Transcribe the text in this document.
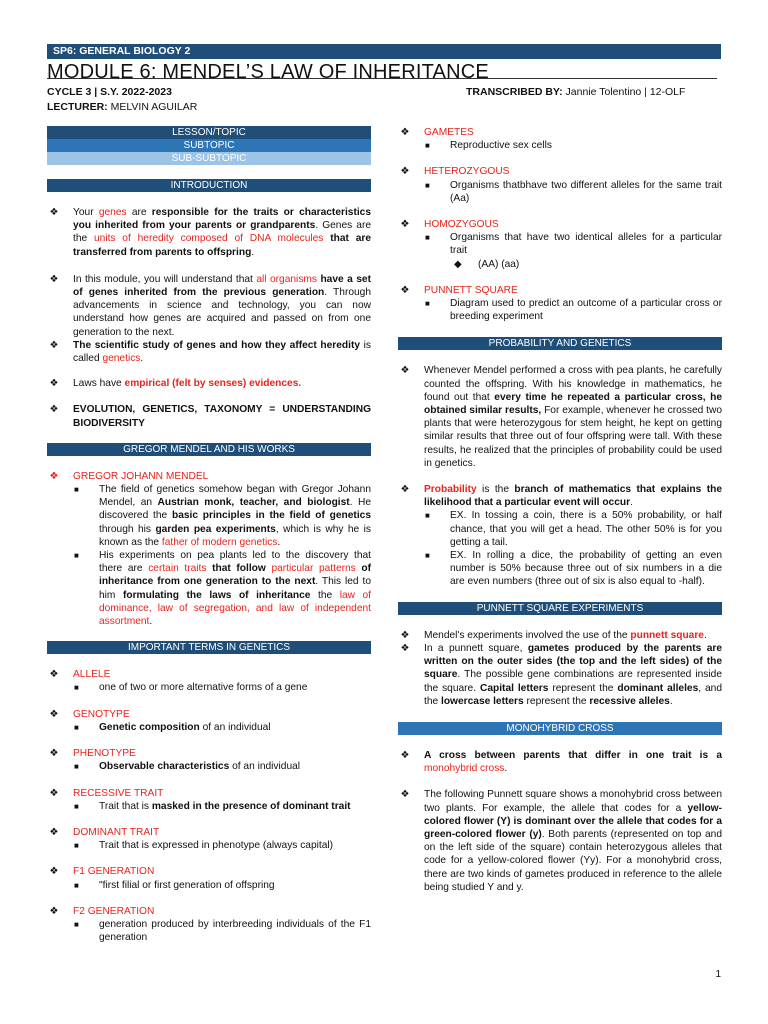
SP6: GENERAL BIOLOGY 2
MODULE 6: MENDEL’S LAW OF INHERITANCE
CYCLE 3 | S.Y. 2022-2023	TRANSCRIBED BY: Jannie Tolentino | 12-OLF
LECTURER: MELVIN AGUILAR
LESSON/TOPIC
SUBTOPIC
SUB-SUBTOPIC
INTRODUCTION
❖ Your genes are responsible for the traits or characteristics you inherited from your parents or grandparents. Genes are the units of heredity composed of DNA molecules that are transferred from parents to offspring.
❖ In this module, you will understand that all organisms have a set of genes inherited from the previous generation. Through advancements in science and technology, you can now understand how genes are acquired and passed on from one generation to the next.
❖ The scientific study of genes and how they affect heredity is called genetics.
❖ Laws have empirical (felt by senses) evidences.
❖ EVOLUTION, GENETICS, TAXONOMY = UNDERSTANDING BIODIVERSITY
GREGOR MENDEL AND HIS WORKS
❖ GREGOR JOHANN MENDEL
■ The field of genetics somehow began with Gregor Johann Mendel, an Austrian monk, teacher, and biologist. He discovered the basic principles in the field of genetics through his garden pea experiments, which is why he is known as the father of modern genetics.
■ His experiments on pea plants led to the discovery that there are certain traits that follow particular patterns of inheritance from one generation to the next. This led to him formulating the laws of inheritance the law of dominance, law of segregation, and law of independent assortment.
IMPORTANT TERMS IN GENETICS
❖ ALLELE
■ one of two or more alternative forms of a gene
❖ GENOTYPE
■ Genetic composition of an individual
❖ PHENOTYPE
■ Observable characteristics of an individual
❖ RECESSIVE TRAIT
■ Trait that is masked in the presence of dominant trait
❖ DOMINANT TRAIT
■ Trait that is expressed in phenotype (always capital)
❖ F1 GENERATION
■ "first filial or first generation of offspring
❖ F2 GENERATION
■ generation produced by interbreeding individuals of the F1 generation
❖ GAMETES
■ Reproductive sex cells
❖ HETEROZYGOUS
■ Organisms thatbhave two different alleles for the same trait (Aa)
❖ HOMOZYGOUS
■ Organisms that have two identical alleles for a particular trait
◆ (AA) (aa)
❖ PUNNETT SQUARE
■ Diagram used to predict an outcome of a particular cross or breeding experiment
PROBABILITY AND GENETICS
❖ Whenever Mendel performed a cross with pea plants, he carefully counted the offspring. With his knowledge in mathematics, he found out that every time he repeated a particular cross, he obtained similar results, For example, whenever he crossed two plants that were heterozygous for stem height, he kept on getting similar results that three out of four offspring were tall. With these results, he realized that the principles of probability could be used in genetics.
❖ Probability is the branch of mathematics that explains the likelihood that a particular event will occur.
■ EX. In tossing a coin, there is a 50% probability, or half chance, that you will get a head. The other 50% is for you getting a tail.
■ EX. In rolling a dice, the probability of getting an even number is 50% because three out of six numbers in a die are even numbers (three out of six is also equal to -half).
PUNNETT SQUARE EXPERIMENTS
❖ Mendel's experiments involved the use of the punnett square.
❖ In a punnett square, gametes produced by the parents are written on the outer sides (the top and the left sides) of the square. The possible gene combinations are represented inside the square. Capital letters represent the dominant alleles, and the lowercase letters represent the recessive alleles.
MONOHYBRID CROSS
❖ A cross between parents that differ in one trait is a monohybrid cross.
❖ The following Punnett square shows a monohybrid cross between two plants. For example, the allele that codes for a yellow-colored flower (Y) is dominant over the allele that codes for a green-colored flower (y). Both parents (represented on top and on the left side of the square) contain heterozygous alleles that code for a yellow-colored flower (Yy). For a monohybrid cross, there are two kinds of gametes produced in reference to the allele being studied Y and y.
1
